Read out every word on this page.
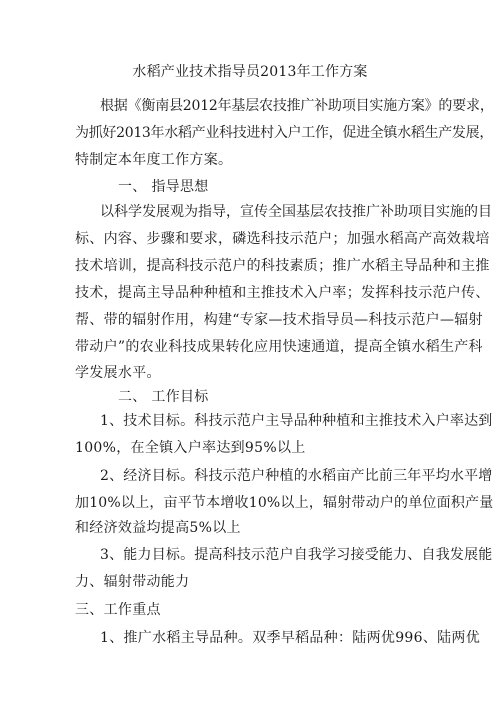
水稻产业技术指导员2013年工作方案
根据《衡南县2012年基层农技推广补助项目实施方案》的要求，
为抓好2013年水稻产业科技进村入户工作，促进全镇水稻生产发展，
特制定本年度工作方案。
一、 指导思想
以科学发展观为指导，宣传全国基层农技推广补助项目实施的目
标、内容、步骤和要求，磷选科技示范户；加强水稻高产高效栽培
技术培训，提高科技示范户的科技素质；推广水稻主导品种和主推
技术，提高主导品种种植和主推技术入户率；发挥科技示范户传、
帮、带的辐射作用，构建“专家—技术指导员—科技示范户—辐射
带动户”的农业科技成果转化应用快速通道，提高全镇水稻生产科
学发展水平。
二、 工作目标
1、技术目标。科技示范户主导品种种植和主推技术入户率达到
100%，在全镇入户率达到95%以上
2、经济目标。科技示范户种植的水稻亩产比前三年平均水平增
加10%以上，亩平节本增收10%以上，辐射带动户的单位面积产量
和经济效益均提高5%以上
3、能力目标。提高科技示范户自我学习接受能力、自我发展能
力、辐射带动能力
三、工作重点
1、推广水稻主导品种。双季早稻品种：陆两优996、陆两优
